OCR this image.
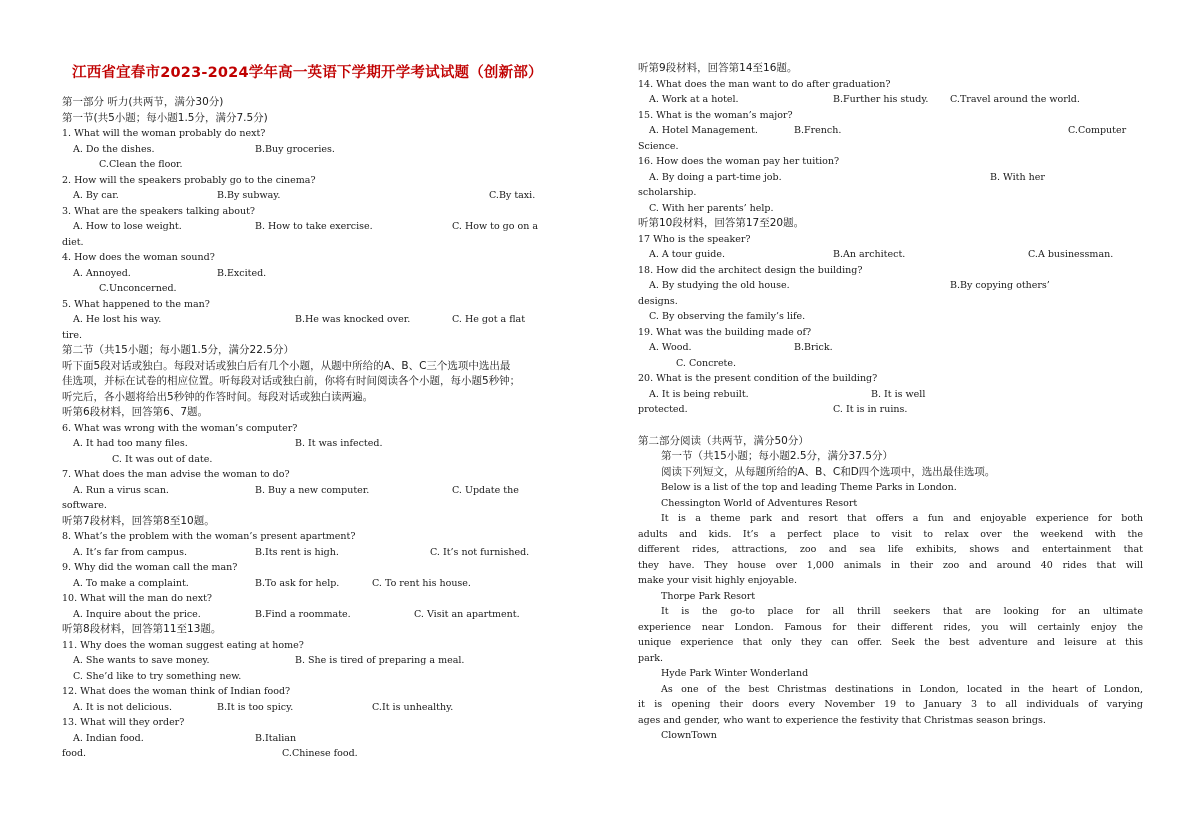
江西省宜春市2023-2024学年高一英语下学期开学考试试题（创新部）
第一部分 听力(共两节，满分30分)
第一节(共5小题；每小题1.5分，满分7.5分)
1. What will the woman probably do next?
A. Do the dishes.	B.Buy groceries.
C.Clean the floor.
2. How will the speakers probably go to the cinema?
A. By car.	B.By subway.	C.By taxi.
3. What are the speakers talking about?
A. How to lose weight.	B. How to take exercise.	C. How to go on a
diet.
4. How does the woman sound?
A. Annoyed.	B.Excited.
C.Unconcerned.
5. What happened to the man?
A. He lost his way.	B.He was knocked over.	C. He got a flat
tire.
第二节（共15小题；每小题1.5分，满分22.5分）
听下面5段对话或独白。每段对话或独白后有几个小题，从题中所给的A、B、C三个选项中选出最
佳选项，并标在试卷的相应位置。听每段对话或独白前，你将有时间阅读各个小题，每小题5秒钟；
听完后，各小题将给出5秒钟的作答时间。每段对话或独白读两遍。
听第6段材料，回答第6、7题。
6. What was wrong with the woman’s computer?
A. It had too many files.	B. It was infected.
C. It was out of date.
7. What does the man advise the woman to do?
A. Run a virus scan.	B. Buy a new computer.	C. Update the
software.
听第7段材料，回答第8至10题。
8. What’s the problem with the woman’s present apartment?
A. It’s far from campus.	B.Its rent is high.	C. It’s not furnished.
9. Why did the woman call the man?
A. To make a complaint.	B.To ask for help.	C. To rent his house.
10. What will the man do next?
A. Inquire about the price.	B.Find a roommate.	C. Visit an apartment.
听第8段材料，回答第11至13题。
11. Why does the woman suggest eating at home?
A. She wants to save money.	B. She is tired of preparing a meal.
C. She’d like to try something new.
12. What does the woman think of Indian food?
A. It is not delicious.	B.It is too spicy.	C.It is unhealthy.
13. What will they order?
A. Indian food.	B.Italian
food.	C.Chinese food.
听第9段材料，回答第14至16题。
14. What does the man want to do after graduation?
A. Work at a hotel.	B.Further his study. C.Travel around the world.
15. What is the woman’s major?
A. Hotel Management.	B.French.	C.Computer
Science.
16. How does the woman pay her tuition?
A. By doing a part-time job.	B. With her
scholarship.
C. With her parents’ help.
听第10段材料，回答第17至20题。
17 Who is the speaker?
A. A tour guide.	B.An architect.	C.A businessman.
18. How did the architect design the building?
A. By studying the old house.	B.By copying others’
designs.
C. By observing the family’s life.
19. What was the building made of?
A. Wood.	B.Brick.
C. Concrete.
20. What is the present condition of the building?
A. It is being rebuilt.	B. It is well
protected.	C. It is in ruins.
第二部分阅读（共两节，满分50分）
第一节（共15小题；每小题2.5分，满分37.5分）
阅读下列短文，从每题所给的A、B、C和D四个选项中，选出最佳选项。
Below is a list of the top and leading Theme Parks in London.
Chessington World of Adventures Resort
It is a theme park and resort that offers a fun and enjoyable experience for both
adults and kids. It’s a perfect place to visit to relax over the weekend with the
different rides, attractions, zoo and sea life exhibits, shows and entertainment that
they have. They house over 1,000 animals in their zoo and around 40 rides that will
make your visit highly enjoyable.
Thorpe Park Resort
It is the go-to place for all thrill seekers that are looking for an ultimate
experience near London. Famous for their different rides, you will certainly enjoy the
unique experience that only they can offer. Seek the best adventure and leisure at this
park.
Hyde Park Winter Wonderland
As one of the best Christmas destinations in London, located in the heart of London,
it is opening their doors every November 19 to January 3 to all individuals of varying
ages and gender, who want to experience the festivity that Christmas season brings.
ClownTown
